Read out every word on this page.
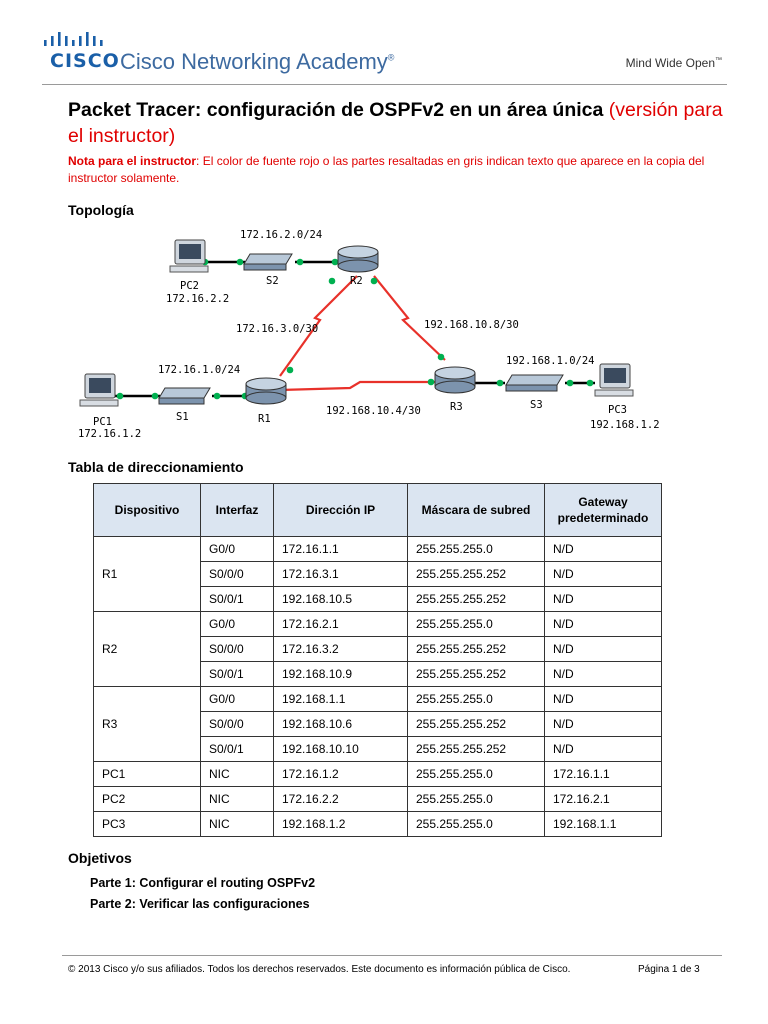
CISCO Cisco Networking Academy®	Mind Wide Open™
Packet Tracer: configuración de OSPFv2 en un área única (versión para el instructor)
Nota para el instructor: El color de fuente rojo o las partes resaltadas en gris indican texto que aparece en la copia del instructor solamente.
Topología
172.16.2.0/24
172.16.3.0/30	192.168.10.8/30
172.16.1.0/24
192.168.10.4/30
192.168.1.0/24
PC2
172.16.2.2
S2	R2
PC1
172.16.1.2
S1	R1
R3	S3	PC3
192.168.1.2
Tabla de direccionamiento
Dispositivo	Interfaz	Dirección IP	Máscara de subred	Gateway
predeterminado
R1	G0/0	172.16.1.1	255.255.255.0	N/D
	S0/0/0	172.16.3.1	255.255.255.252	N/D
	S0/0/1	192.168.10.5	255.255.255.252	N/D
R2	G0/0	172.16.2.1	255.255.255.0	N/D
	S0/0/0	172.16.3.2	255.255.255.252	N/D
	S0/0/1	192.168.10.9	255.255.255.252	N/D
R3	G0/0	192.168.1.1	255.255.255.0	N/D
	S0/0/0	192.168.10.6	255.255.255.252	N/D
	S0/0/1	192.168.10.10	255.255.255.252	N/D
PC1	NIC	172.16.1.2	255.255.255.0	172.16.1.1
PC2	NIC	172.16.2.2	255.255.255.0	172.16.2.1
PC3	NIC	192.168.1.2	255.255.255.0	192.168.1.1
Objetivos
Parte 1: Configurar el routing OSPFv2
Parte 2: Verificar las configuraciones
© 2013 Cisco y/o sus afiliados. Todos los derechos reservados. Este documento es información pública de Cisco.	Página 1 de 3
